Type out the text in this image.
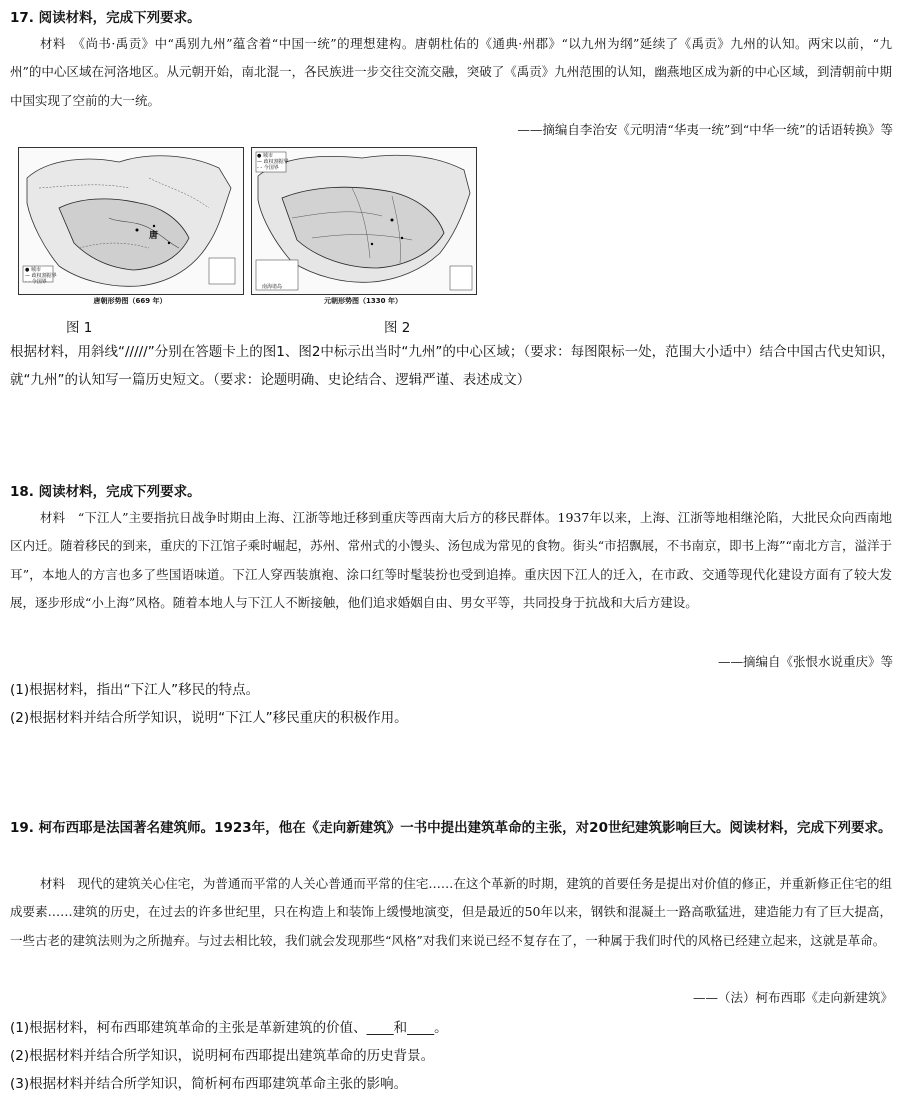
17. 阅读材料，完成下列要求。
材料　《尚书·禹贡》中“禹别九州”蕴含着“中国一统”的理想建构。唐朝杜佑的《通典·州郡》“以九州为纲”延续了《禹贡》九州的认知。两宋以前，“九州”的中心区域在河洛地区。从元朝开始，南北混一，各民族进一步交往交流交融，突破了《禹贡》九州范围的认知，幽燕地区成为新的中心区域，到清朝前中期中国实现了空前的大一统。
——摘编自李治安《元明清“华夷一统”到“中华一统”的话语转换》等
● 城市
— 政权割据界
- - 今国界
唐
唐朝形势图（669 年）
● 城市
— 政权割据界
- - 今国界
南海诸岛
元朝形势图（1330 年）
图 1	图 2
根据材料，用斜线“/////”分别在答题卡上的图1、图2中标示出当时“九州”的中心区域；（要求：每图限标一处，范围大小适中）结合中国古代史知识，就“九州”的认知写一篇历史短文。（要求：论题明确、史论结合、逻辑严谨、表述成文）
18. 阅读材料，完成下列要求。
材料　“下江人”主要指抗日战争时期由上海、江浙等地迁移到重庆等西南大后方的移民群体。1937年以来，上海、江浙等地相继沦陷，大批民众向西南地区内迁。随着移民的到来，重庆的下江馆子乘时崛起，苏州、常州式的小馒头、汤包成为常见的食物。街头“市招飘展，不书南京，即书上海”“南北方言，溢洋于耳”，本地人的方言也多了些国语味道。下江人穿西装旗袍、涂口红等时髦装扮也受到追捧。重庆因下江人的迁入，在市政、交通等现代化建设方面有了较大发展，逐步形成“小上海”风格。随着本地人与下江人不断接触，他们追求婚姻自由、男女平等，共同投身于抗战和大后方建设。
——摘编自《张恨水说重庆》等
(1)根据材料，指出“下江人”移民的特点。
(2)根据材料并结合所学知识，说明“下江人”移民重庆的积极作用。
19. 柯布西耶是法国著名建筑师。1923年，他在《走向新建筑》一书中提出建筑革命的主张，对20世纪建筑影响巨大。阅读材料，完成下列要求。
材料　现代的建筑关心住宅，为普通而平常的人关心普通而平常的住宅……在这个革新的时期，建筑的首要任务是提出对价值的修正，并重新修正住宅的组成要素……建筑的历史，在过去的许多世纪里，只在构造上和装饰上缓慢地演变，但是最近的50年以来，钢铁和混凝土一路高歌猛进，建造能力有了巨大提高，一些古老的建筑法则为之所抛弃。与过去相比较，我们就会发现那些“风格”对我们来说已经不复存在了，一种属于我们时代的风格已经建立起来，这就是革命。
——（法）柯布西耶《走向新建筑》
(1)根据材料，柯布西耶建筑革命的主张是革新建筑的价值、____和____。
(2)根据材料并结合所学知识，说明柯布西耶提出建筑革命的历史背景。
(3)根据材料并结合所学知识，简析柯布西耶建筑革命主张的影响。
